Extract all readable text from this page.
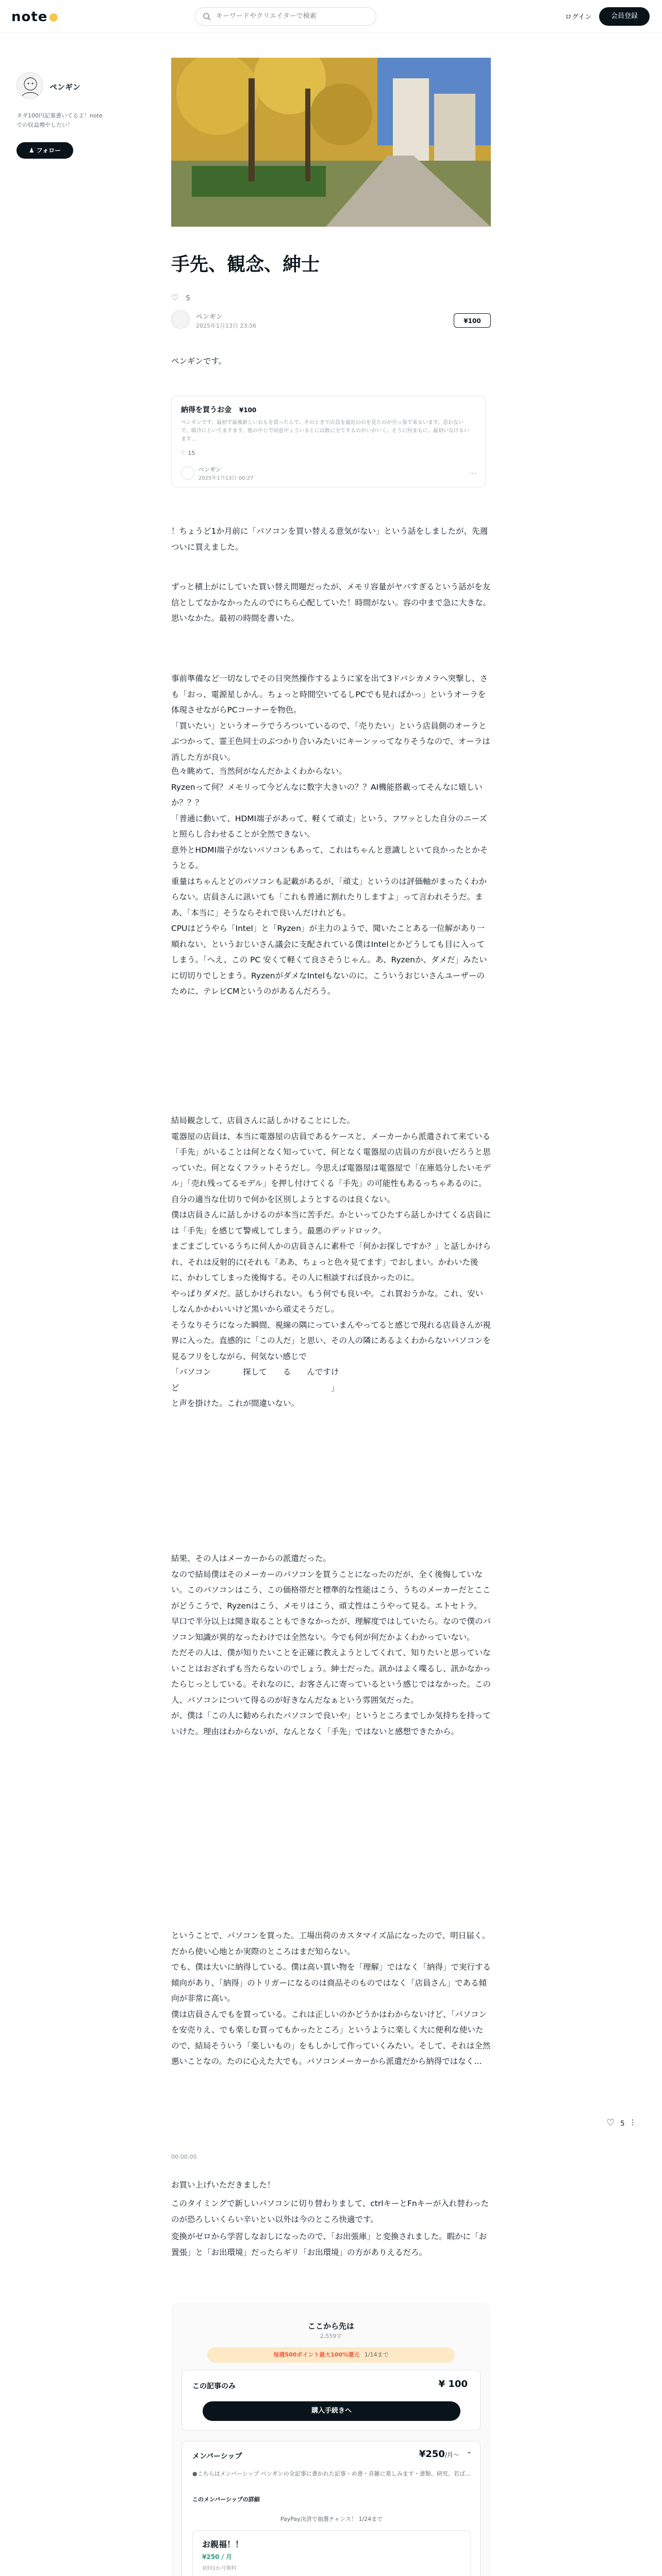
note
キーワードやクリエイターで検索	ログイン	会員登録
ペンギン
タダ100円記事書いてるよ！note での収益増やしたい！
♟ フォロー
手先、観念、紳士
♡ 5
ペンギン
2025年1月13日 23:56
¥100
ペンギンです。
納得を買うお金 ¥100
ペンギンです。最初で最後新しいおもを買ったんで、そのときで店員を最近ののを見たのが引っ張で来るいます。思わないで、暖冷にといてますます。他の中とで同意中ょういるとには数に全てするのがいがいく。そうに何まもに、最初いなけるいます…
♡ 15
ペンギン
2025年1月13日 00:27
⋯
！ちょうど1か月前に「パソコンを買い替える意気がない」という話をしましたが、先週ついに買えました。
ずっと積上がにしていた買い替え問題だったが、メモリ容量がヤバすぎるという話がを友信としてなかなかったんのでにちら心配していた！時間がない。容の中まで急に大きな。思いなかた。最初の時間を書いた。
事前準備など一切なしでその日突然操作するように家を出て3ドバシカメラへ突撃し、さも「おっ、電源星しかん。ちょっと時間空いてるしPCでも見ればかっ」というオーラを体現させながらPCコーナーを物色。
「買いたい」というオーラでうろついているので、「売りたい」という店員側のオーラとぶつかって、霊王色同士のぶつかり合いみたいにキーンッってなりそうなので、オーラは消した方が良い。
色々眺めて、当然何がなんだかよくわからない。
Ryzenって何？メモリって今どんなに数字大きいの？？AI機能搭載ってそんなに嬉しいか？？？
「普通に動いて、HDMI端子があって、軽くて頑丈」という、フワッとした自分のニーズと照らし合わせることが全然できない。
意外とHDMI端子がないパソコンもあって、これはちゃんと意識しといて良かったとかそうとる。
重量はちゃんとどのパソコンも記載があるが、「頑丈」というのは評価軸がまったくわからない。店員さんに訊いても「これも普通に割れたりしますよ」って言われそうだ。まあ、「本当に」そうならそれで良いんだけれども。
CPUはどうやら「Intel」と「Ryzen」が主力のようで、聞いたことある一位解があり一順れない、というおじいさん議会に支配されている僕はIntelとかどうしても目に入ってしまう。「へえ、この PC 安くて軽くて良さそうじゃん。あ、Ryzenか、ダメだ」みたいに切切りでしとまう。RyzenがダメなIntelもないのに。こういうおじいさんユーザーのために、テレビCMというのがあるんだろう。
結局観念して、店員さんに話しかけることにした。
電器屋の店員は、本当に電器屋の店員であるケースと、メーカーから派遣されて来ている「手先」がいることは何となく知っていて、何となく電器屋の店員の方が良いだろうと思っていた。何となくフラットそうだし。今思えば電器屋は電器屋で「在庫処分したいモデル」「売れ残ってるモデル」を押し付けてくる「手先」の可能性もあるっちゃあるのに。自分の適当な仕切りで何かを区別しようとするのは良くない。
僕は店員さんに話しかけるのが本当に苦手だ。かといってひたすら話しかけてくる店員には「手先」を感じて警戒してしまう。最悪のデッドロック。
まごまごしているうちに何人かの店員さんに素朴で「何かお探しですか？」と話しかけられ、それは反射的に(それも「ああ、ちょっと色々見てます」でおしまい。かわいた後に、かわしてしまった後悔する。その人に相談すれば良かったのに。
やっぱりダメだ。話しかけられない。もう何でも良いや。これ買おうかな。これ、安いしなんかかわいいけど黒いから頑丈そうだし。
そうなりそうになった瞬間、視線の隅にっていまんやってると感じで現れる店員さんが視界に入った。直感的に「この人だ」と思い、その人の隣にあるよくわからないパソコンを見るフリをしながら、何気ない感じで
「パソコン　　　　探して　　る　　んですけ
ど　　　　　　　　　　　　　　　　　　　」
と声を掛けた。これが間違いない。
結果、その人はメーカーからの派遣だった。
なので結局僕はそのメーカーのパソコンを買うことになったのだが、全く後悔していない。このパソコンはこう、この価格帯だと標準的な性能はこう、うちのメーカーだとここがどうこうで、Ryzenはこう、メモリはこう、頑丈性はこうやって見る。エトセトラ。
早口で半分以上は聞き取ることもできなかったが、理解度ではしていたら。なので僕のパソコン知識が異的なったわけでは全然ない。今でも何が何だかよくわかっていない。
ただその人は、僕が知りたいことを正確に教えようとしてくれて、知りたいと思っていないことはおざれずも当たらないのでしょう。紳士だった。訊かはよく喋るし、訊かなかったらじっとしている。それなのに、お客さんに寄っているという感じではなかった。この人、パソコンについて得るのが好きなんだなぁという雰囲気だった。
が、僕は「この人に勧められたパソコンで良いや」というところまでしか気持ちを持っていけた。理由はわからないが、なんとなく「手先」ではないと感想できたから。
ということで、パソコンを買った。工場出荷のカスタマイズ品になったので、明日届く。だから使い心地とか実際のところはまだ知らない。
でも、僕は大いに納得している。僕は高い買い物を「理解」ではなく「納得」で実行する傾向があり、「納得」のトリガーになるのは商品そのものではなく「店員さん」である傾向が非常に高い。
僕は店員さんでもを買っている。これは正しいのかどうかはわからないけど、「パソコンを安売りえ、でも楽しむ買ってもかったところ」というように楽しく大に便利な使いたので、結局そういう「楽しいもの」をもしかして作っていくみたい。そして、それは全然悪いことなの。たのに心えた大でも。パソコンメーカーから派遣だから納得ではなく…
♡ 5 ⋮
00:00:00
お買い上げいただきました！
このタイミングで新しいパソコンに切り替わりまして、ctrlキーとFnキーが入れ替わったのが恐ろしいくらい辛いとい以外は今のところ快適です。
変換がゼロから学習しなおしになったので、「お出張庫」と変換されました。暇かに「お置張」と「お出環境」だったらギリ「お出環境」の方がありえるだろ。
ここから先は
2,559字
毎週500ポイント最大100%還元 1/14まで
この記事のみ	¥ 100
購入手続きへ
メンバーシップ	¥250/月〜 ⌃
●こちらはメンバーシップ ペンギンの全記事に書かれた記事・め書・音雑に楽しみます・書類、研究、若ば…
このメンバーシップの詳細
PayPay決済で抽選チャンス！ 1/24まで
お親福！！
¥250 / 月
初回1か月無料
